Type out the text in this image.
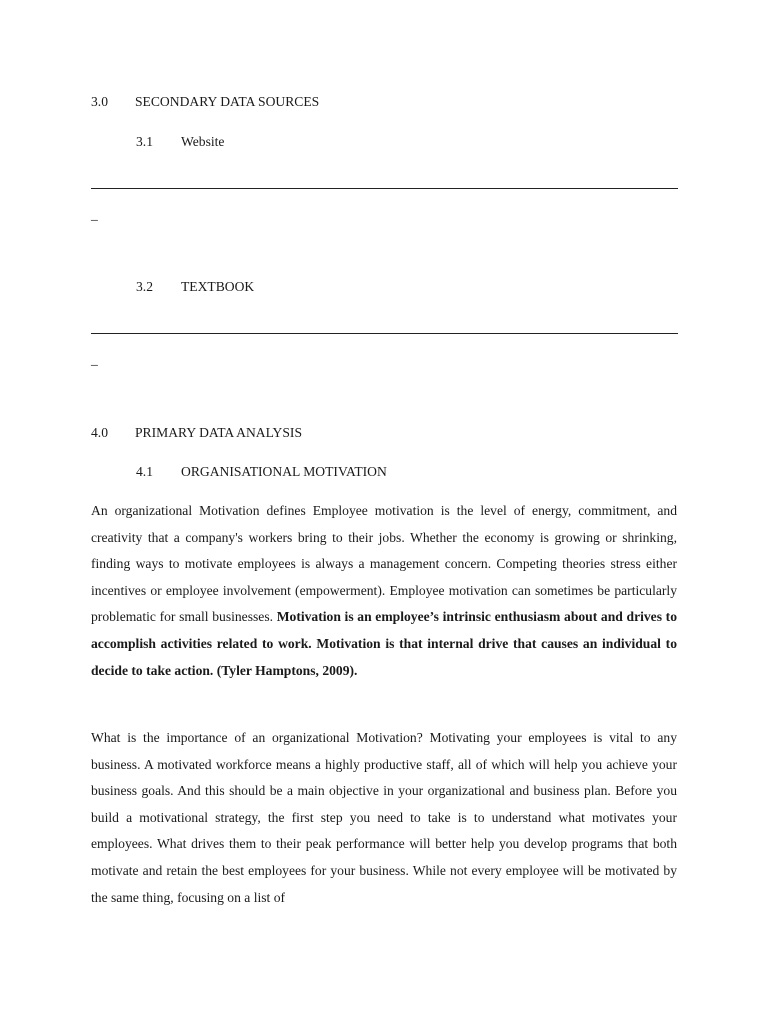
3.0 SECONDARY DATA SOURCES
3.1 Website
_
3.2 TEXTBOOK
_
4.0 PRIMARY DATA ANALYSIS
4.1 ORGANISATIONAL MOTIVATION

An organizational Motivation defines Employee motivation is the level of energy, commitment, and creativity that a company's workers bring to their jobs. Whether the economy is growing or shrinking, finding ways to motivate employees is always a management concern. Competing theories stress either incentives or employee involvement (empowerment). Employee motivation can sometimes be particularly problematic for small businesses. Motivation is an employee’s intrinsic enthusiasm about and drives to accomplish activities related to work. Motivation is that internal drive that causes an individual to decide to take action. (Tyler Hamptons, 2009).

What is the importance of an organizational Motivation? Motivating your employees is vital to any business. A motivated workforce means a highly productive staff, all of which will help you achieve your business goals. And this should be a main objective in your organizational and business plan. Before you build a motivational strategy, the first step you need to take is to understand what motivates your employees. What drives them to their peak performance will better help you develop programs that both motivate and retain the best employees for your business. While not every employee will be motivated by the same thing, focusing on a list of
